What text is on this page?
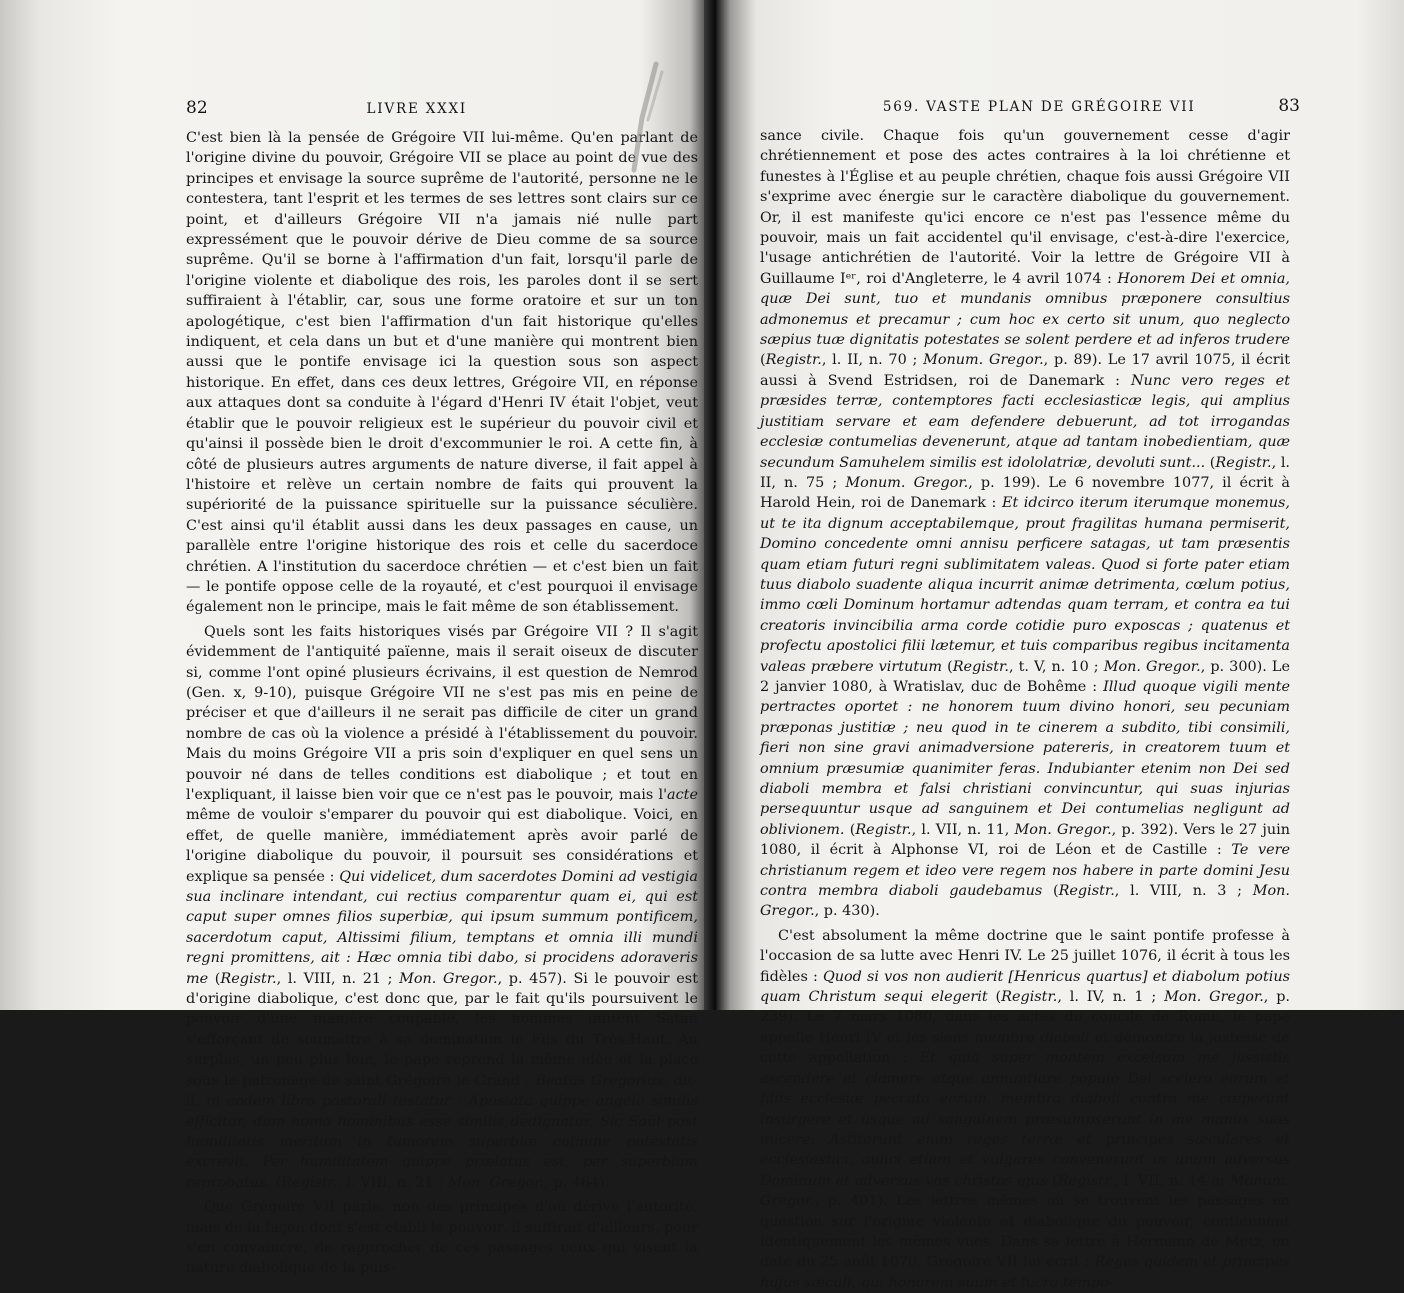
82	LIVRE XXXI

C'est bien là la pensée de Grégoire VII lui-même. Qu'en parlant de l'origine divine du pouvoir, Grégoire VII se place au point de vue des principes et envisage la source suprême de l'autorité, personne ne le contestera, tant l'esprit et les termes de ses lettres sont clairs sur ce point, et d'ailleurs Grégoire VII n'a jamais nié nulle part expressément que le pouvoir dérive de Dieu comme de sa source suprême. Qu'il se borne à l'affirmation d'un fait, lorsqu'il parle de l'origine violente et diabolique des rois, les paroles dont il se sert suffiraient à l'établir, car, sous une forme oratoire et sur un ton apologétique, c'est bien l'affirmation d'un fait historique qu'elles indiquent, et cela dans un but et d'une manière qui montrent bien aussi que le pontife envisage ici la question sous son aspect historique. En effet, dans ces deux lettres, Grégoire VII, en réponse aux attaques dont sa conduite à l'égard d'Henri IV était l'objet, veut établir que le pouvoir religieux est le supérieur du pouvoir civil et qu'ainsi il possède bien le droit d'excommunier le roi. A cette fin, à côté de plusieurs autres arguments de nature diverse, il fait appel à l'histoire et relève un certain nombre de faits qui prouvent la supériorité de la puissance spirituelle sur la puissance séculière. C'est ainsi qu'il établit aussi dans les deux passages en cause, un parallèle entre l'origine historique des rois et celle du sacerdoce chrétien. A l'institution du sacerdoce chrétien — et c'est bien un fait — le pontife oppose celle de la royauté, et c'est pourquoi il envisage également non le principe, mais le fait même de son établissement.

Quels sont les faits historiques visés par Grégoire VII ? Il s'agit évidemment de l'antiquité païenne, mais il serait oiseux de discuter si, comme l'ont opiné plusieurs écrivains, il est question de Nemrod (Gen. x, 9-10), puisque Grégoire VII ne s'est pas mis en peine de préciser et que d'ailleurs il ne serait pas difficile de citer un grand nombre de cas où la violence a présidé à l'établissement du pouvoir. Mais du moins Grégoire VII a pris soin d'expliquer en quel sens un pouvoir né dans de telles conditions est diabolique ; et tout en l'expliquant, il laisse bien voir que ce n'est pas le pouvoir, mais l'acte même de vouloir s'emparer du pouvoir qui est diabolique. Voici, en effet, de quelle manière, immédiatement après avoir parlé de l'origine diabolique du pouvoir, il poursuit ses considérations et explique sa pensée : Qui videlicet, dum sacerdotes Domini ad vestigia sua inclinare intendant, cui rectius comparentur quam ei, qui est caput super omnes filios superbiæ, qui ipsum summum pontificem, sacerdotum caput, Altissimi filium, temptans et omnia illi mundi regni promittens, ait : Hæc omnia tibi dabo, si procidens adoraveris me (Registr., l. VIII, n. 21 ; Mon. Gregor., p. 457). Si le pouvoir est d'origine diabolique, c'est donc que, par le fait qu'ils poursuivent le pouvoir d'une manière coupable, les hommes imitent Satan s'efforçant de soumettre à sa domination le Fils du Très-Haut. Au surplus, un peu plus loin, le pape reprend la même idée et la place sous le patronage de saint Grégoire le Grand : Beatus Gregorius, dit-il, in eodem libro pastorali testatur : Apostata quippe angelo similis efficitur, dum homo hominibus esse similis dedignatur. Sic Saül post humilitatis meritum in tumorem superbiæ culmine potestatis excrevit. Per humilitatem quippe prælatus est, per superbiam reprobatus. (Registr., l. VIII, n. 21 ; Mon. Gregor., p. 464).

Que Grégoire VII parle, non des principes d'où dérive l'autorité, mais de la façon dont s'est établi le pouvoir, il suffirait d'ailleurs, pour s'en convaincre, de rapprocher de ces passages ceux qui visent la nature diabolique de la puis-

569. VASTE PLAN DE GRÉGOIRE VII	83

sance civile. Chaque fois qu'un gouvernement cesse d'agir chrétiennement et pose des actes contraires à la loi chrétienne et funestes à l'Église et au peuple chrétien, chaque fois aussi Grégoire VII s'exprime avec énergie sur le caractère diabolique du gouvernement. Or, il est manifeste qu'ici encore ce n'est pas l'essence même du pouvoir, mais un fait accidentel qu'il envisage, c'est-à-dire l'exercice, l'usage antichrétien de l'autorité. Voir la lettre de Grégoire VII à Guillaume Iᵉʳ, roi d'Angleterre, le 4 avril 1074 : Honorem Dei et omnia, quæ Dei sunt, tuo et mundanis omnibus præponere consultius admonemus et precamur ; cum hoc ex certo sit unum, quo neglecto sæpius tuæ dignitatis potestates se solent perdere et ad inferos trudere (Registr., l. II, n. 70 ; Monum. Gregor., p. 89). Le 17 avril 1075, il écrit aussi à Svend Estridsen, roi de Danemark : Nunc vero reges et præsides terræ, contemptores facti ecclesiasticæ legis, qui amplius justitiam servare et eam defendere debuerunt, ad tot irrogandas ecclesiæ contumelias devenerunt, atque ad tantam inobedientiam, quæ secundum Samuhelem similis est idololatriæ, devoluti sunt... (Registr., l. II, n. 75 ; Monum. Gregor., p. 199). Le 6 novembre 1077, il écrit à Harold Hein, roi de Danemark : Et idcirco iterum iterumque monemus, ut te ita dignum acceptabilemque, prout fragilitas humana permiserit, Domino concedente omni annisu perficere satagas, ut tam præsentis quam etiam futuri regni sublimitatem valeas. Quod si forte pater etiam tuus diabolo suadente aliqua incurrit animæ detrimenta, cœlum potius, immo cœli Dominum hortamur adtendas quam terram, et contra ea tui creatoris invincibilia arma corde cotidie puro exposcas ; quatenus et profectu apostolici filii lætemur, et tuis comparibus regibus incitamenta valeas præbere virtutum (Registr., t. V, n. 10 ; Mon. Gregor., p. 300). Le 2 janvier 1080, à Wratislav, duc de Bohême : Illud quoque vigili mente pertractes oportet : ne honorem tuum divino honori, seu pecuniam præponas justitiæ ; neu quod in te cinerem a subdito, tibi consimili, fieri non sine gravi animadversione patereris, in creatorem tuum et omnium præsumiæ quanimiter feras. Indubianter etenim non Dei sed diaboli membra et falsi christiani convincuntur, qui suas injurias persequuntur usque ad sanguinem et Dei contumelias negligunt ad oblivionem. (Registr., l. VII, n. 11, Mon. Gregor., p. 392). Vers le 27 juin 1080, il écrit à Alphonse VI, roi de Léon et de Castille : Te vere christianum regem et ideo vere regem nos habere in parte domini Jesu contra membra diaboli gaudebamus (Registr., l. VIII, n. 3 ; Mon. Gregor., p. 430).

C'est absolument la même doctrine que le saint pontife professe à l'occasion de sa lutte avec Henri IV. Le 25 juillet 1076, il écrit à tous les fidèles : Quod si vos non audierit [Henricus quartus] et diabolum potius quam Christum sequi elegerit (Registr., l. IV, n. 1 ; Mon. Gregor., p. 239). Le 7 mars 1080, dans les actes du concile de Rome, le pape appelle Henri IV et les siens membra diaboli et démontre la justesse de cette appellation : Et quia super montem excelsum me jussistis ascendere et clamare atque annuntiare populo Dei scelera eorum et filiis ecclesiæ peccata eorum, membra diaboli contra me cœperunt insurgere et usque ad sanguinem præsumpserunt in me manus suas inicere. Astiterunt enim reges terræ et principes sæculares et ecclesiastici, aulici etiam et vulgares convenerunt in unum adversus Dominum et adversus vos christos ejus (Registr., l. VII, n. 14 a; Monum. Gregor., p. 401). Les lettres mêmes où se trouvent les passages en question sur l'origine violente et diabolique du pouvoir, contiennent identiquement les mêmes vues. Dans sa lettre à Hermann de Metz, en date du 25 août 1070, Grégoire VII lui écrit : Reges quidem et principes hujus sæculi, qui honorem suum et lucra tempo-
